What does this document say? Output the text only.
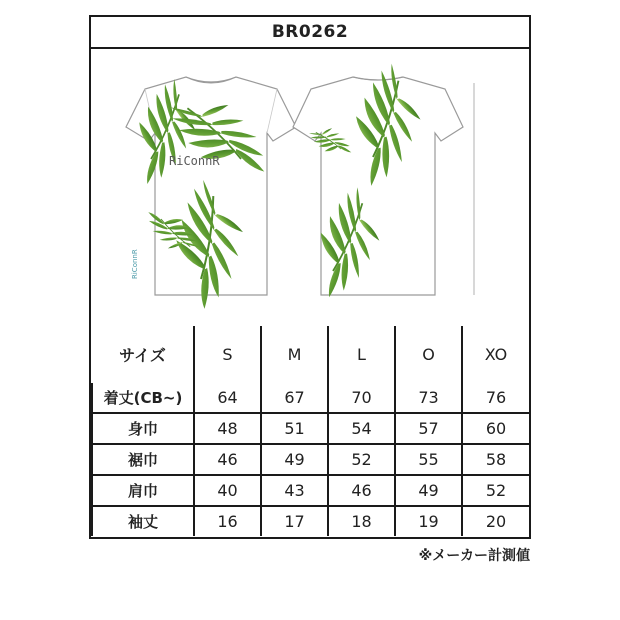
BR0262
RiConnR
RiConnR
サイズ	S	M	L	O	XO
着丈(CB~)	64	67	70	73	76
身巾	48	51	54	57	60
裾巾	46	49	52	55	58
肩巾	40	43	46	49	52
袖丈	16	17	18	19	20
※メーカー計測値
